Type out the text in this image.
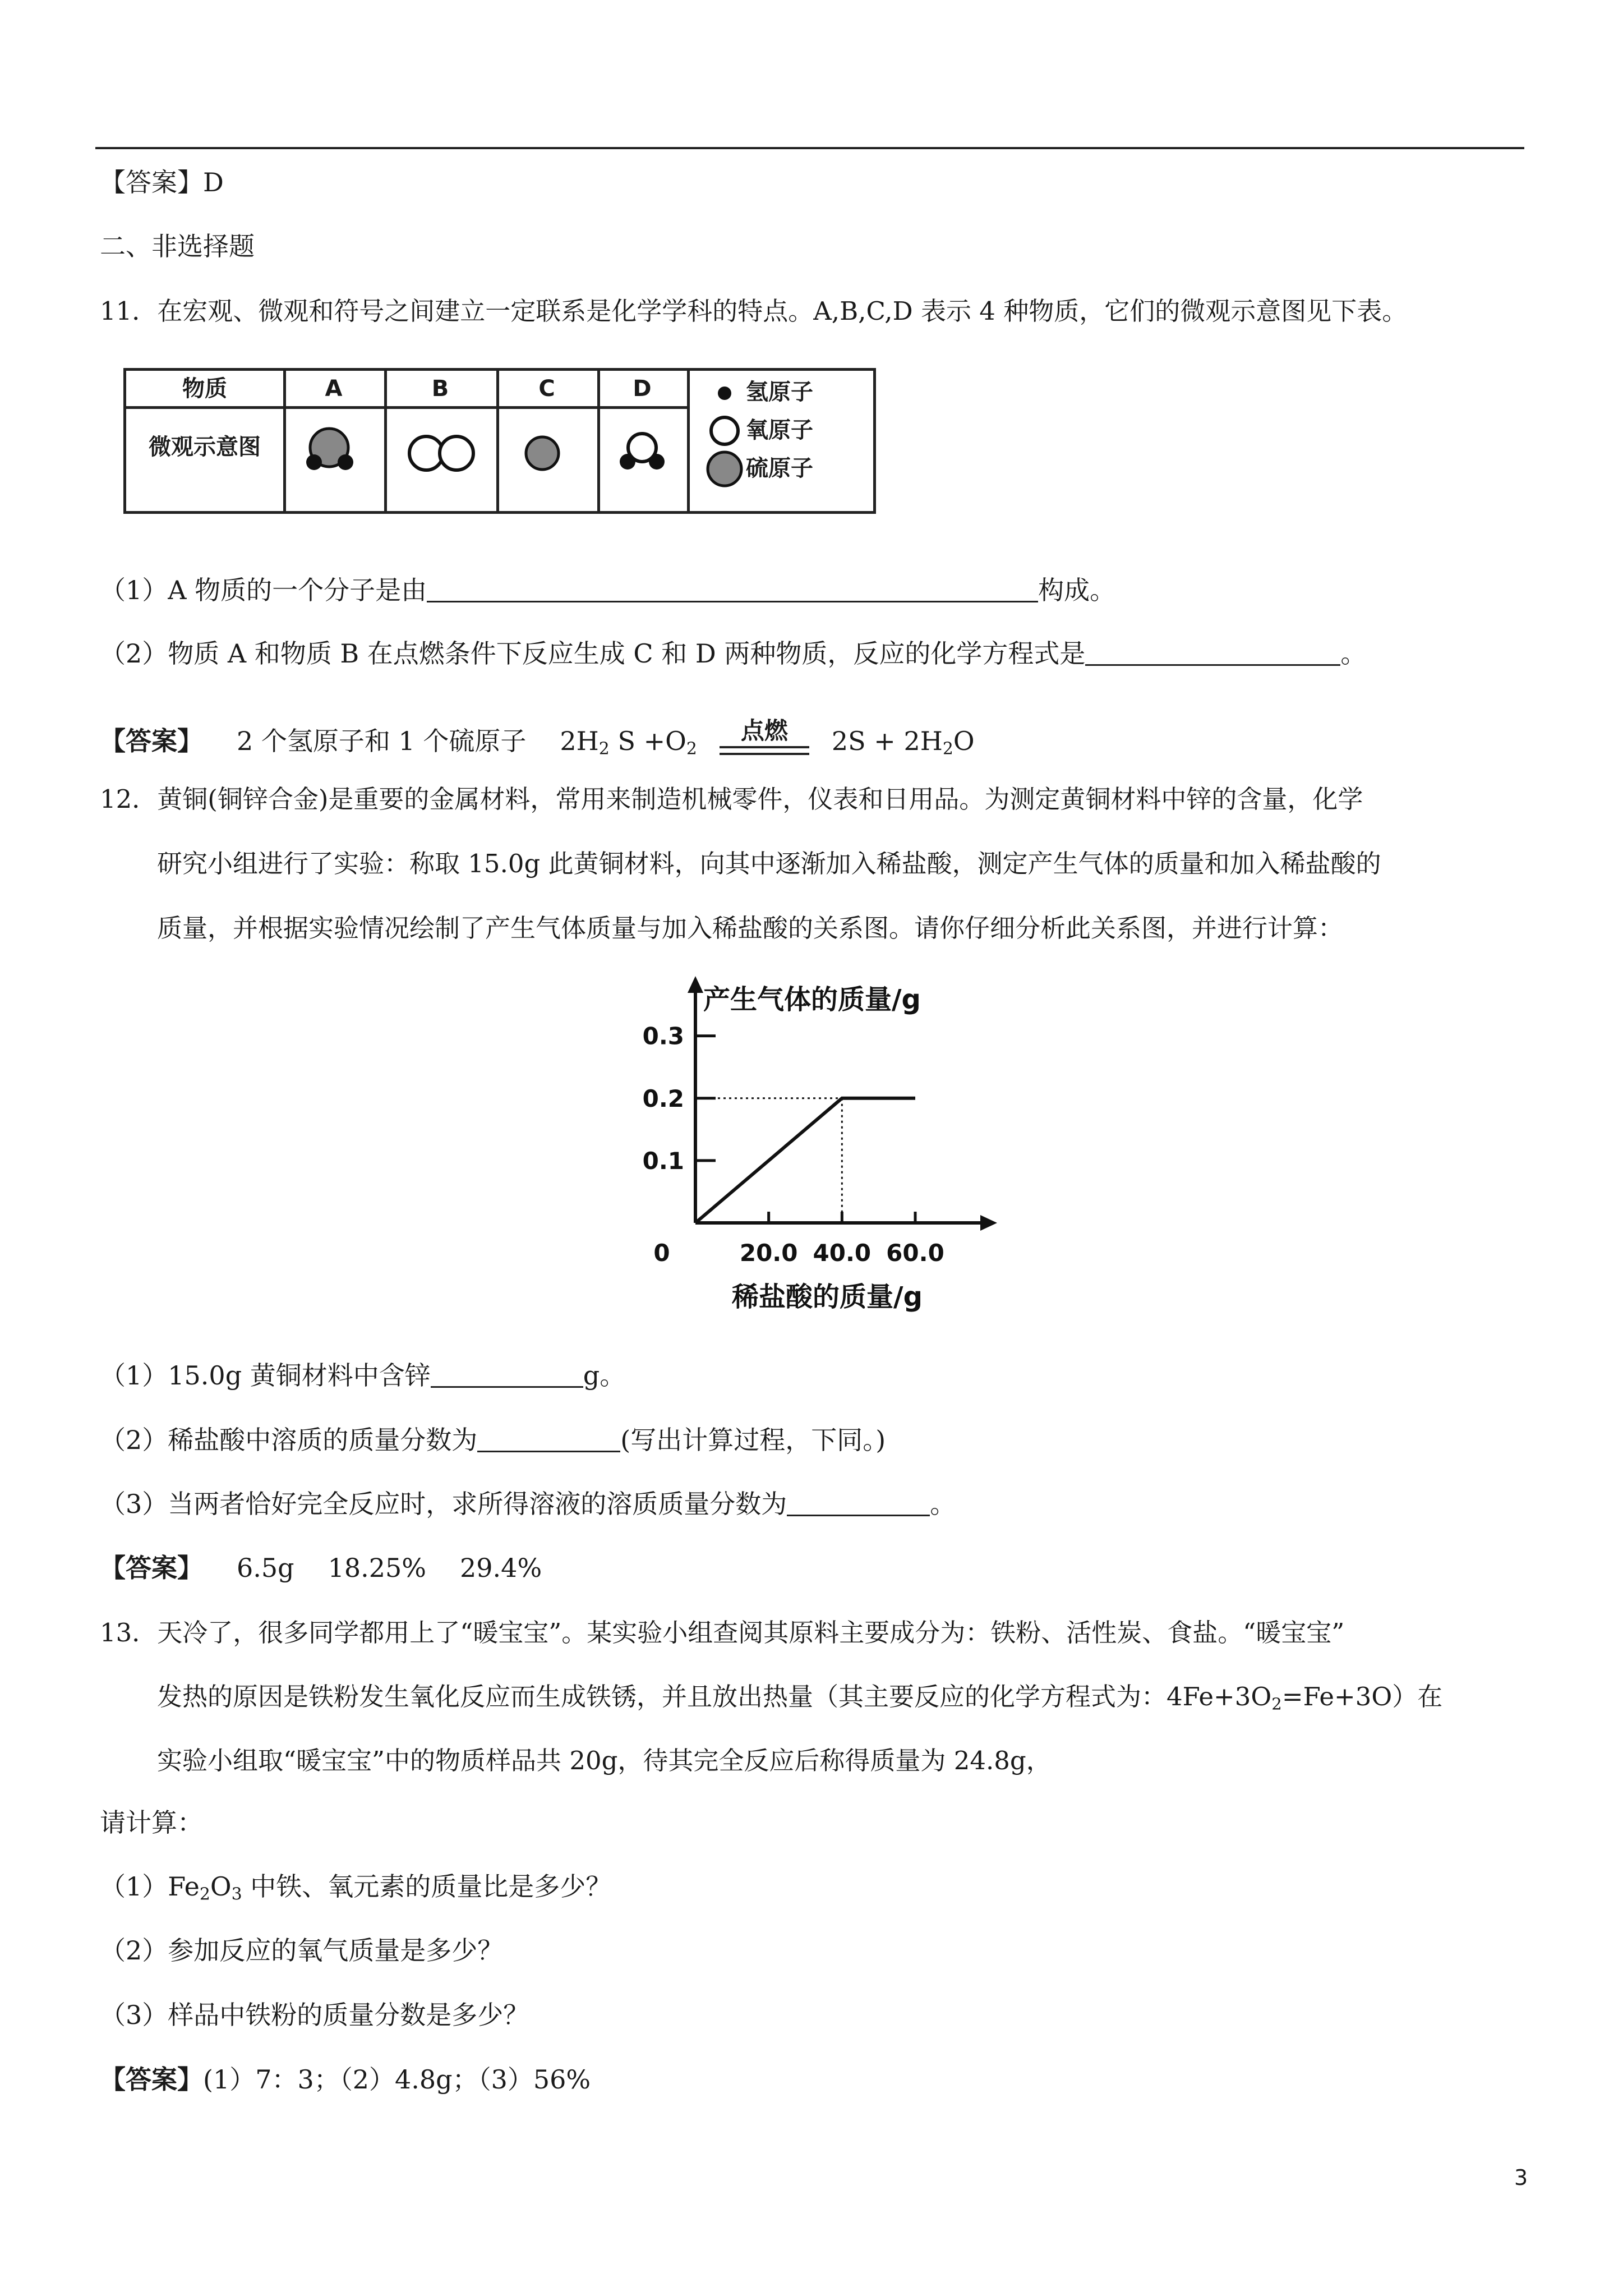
【答案】D
二、非选择题
11．在宏观、微观和符号之间建立一定联系是化学学科的特点。A,B,C,D 表示 4 种物质，它们的微观示意图见下表。
物质	A	B	C	D
微观示意图
氢原子
氧原子
硫原子
（1）A 物质的一个分子是由	构成。
（2）物质 A 和物质 B 在点燃条件下反应生成 C 和 D 两种物质，反应的化学方程式是	。
【答案】 2 个氢原子和 1 个硫原子 $2H_2$ $S +O_2$点燃 $2S + 2H_2O$
12．黄铜(铜锌合金)是重要的金属材料，常用来制造机械零件，仪表和日用品。为测定黄铜材料中锌的含量，化学
研究小组进行了实验：称取 15.0g 此黄铜材料，向其中逐渐加入稀盐酸，测定产生气体的质量和加入稀盐酸的
质量，并根据实验情况绘制了产生气体质量与加入稀盐酸的关系图。请你仔细分析此关系图，并进行计算：
0.1
0.2
0.3
20.0 40.0 60.0
0
产生气体的质量/g
稀盐酸的质量/g
（1）15.0g 黄铜材料中含锌	g。
（2）稀盐酸中溶质的质量分数为	(写出计算过程，下同。)
（3）当两者恰好完全反应时，求所得溶液的溶质质量分数为	。
【答案】 6.5g 18.25% 29.4%
13．天冷了，很多同学都用上了“暖宝宝”。某实验小组查阅其原料主要成分为：铁粉、活性炭、食盐。“暖宝宝”
发热的原因是铁粉发生氧化反应而生成铁锈，并且放出热量（其主要反应的化学方程式为：$4Fe+3O_2=Fe+3O$）在
实验小组取“暖宝宝”中的物质样品共 20g，待其完全反应后称得质量为 24.8g，
请计算：
$(1)Fe_2O_3$ 中铁、氧元素的质量比是多少？
（2）参加反应的氧气质量是多少？
（3）样品中铁粉的质量分数是多少？
【答案】(1）7：3；（2）4.8g；（3）56%
3
